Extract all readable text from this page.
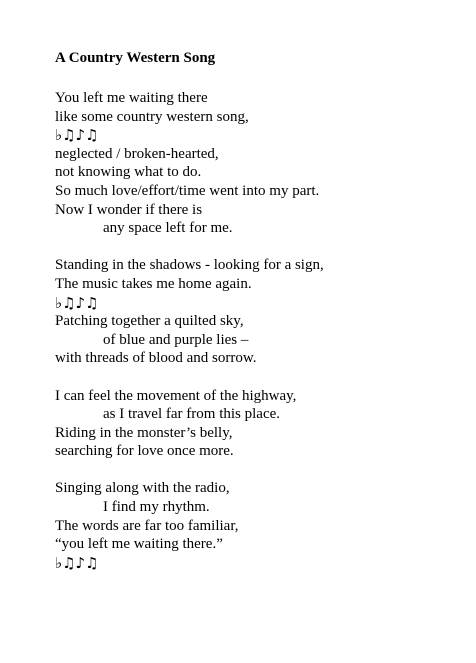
A Country Western Song
You left me waiting there
like some country western song,
♭♫♪♫
neglected / broken-hearted,
not knowing what to do.
So much love/effort/time went into my part.
Now I wonder if there is
any space left for me.
Standing in the shadows - looking for a sign,
The music takes me home again.
♭♫♪♫
Patching together a quilted sky,
of blue and purple lies –
with threads of blood and sorrow.
I can feel the movement of the highway,
as I travel far from this place.
Riding in the monster’s belly,
searching for love once more.
Singing along with the radio,
I find my rhythm.
The words are far too familiar,
“you left me waiting there.”
♭♫♪♫
